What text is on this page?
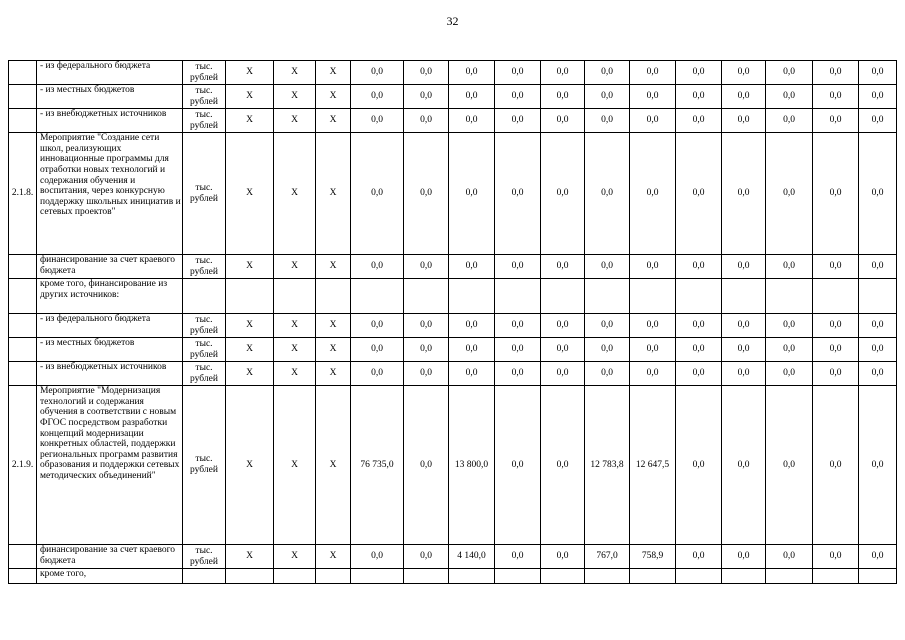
32
	- из федерального бюджета	тыс. рублей	X	X	X	0,0	0,0	0,0	0,0	0,0	0,0	0,0	0,0	0,0	0,0	0,0	0,0
	- из местных бюджетов	тыс. рублей	X	X	X	0,0	0,0	0,0	0,0	0,0	0,0	0,0	0,0	0,0	0,0	0,0	0,0
	- из внебюджетных источников	тыс. рублей	X	X	X	0,0	0,0	0,0	0,0	0,0	0,0	0,0	0,0	0,0	0,0	0,0	0,0
2.1.8.	Мероприятие "Создание сети школ, реализующих инновационные программы для отработки новых технологий и содержания обучения и воспитания, через конкурсную поддержку школьных инициатив и сетевых проектов"	тыс. рублей	X	X	X	0,0	0,0	0,0	0,0	0,0	0,0	0,0	0,0	0,0	0,0	0,0	0,0
	финансирование за счет краевого бюджета	тыс. рублей	X	X	X	0,0	0,0	0,0	0,0	0,0	0,0	0,0	0,0	0,0	0,0	0,0	0,0
	кроме того, финансирование из других источников:																
	- из федерального бюджета	тыс. рублей	X	X	X	0,0	0,0	0,0	0,0	0,0	0,0	0,0	0,0	0,0	0,0	0,0	0,0
	- из местных бюджетов	тыс. рублей	X	X	X	0,0	0,0	0,0	0,0	0,0	0,0	0,0	0,0	0,0	0,0	0,0	0,0
	- из внебюджетных источников	тыс. рублей	X	X	X	0,0	0,0	0,0	0,0	0,0	0,0	0,0	0,0	0,0	0,0	0,0	0,0
2.1.9.	Мероприятие "Модернизация технологий и содержания обучения в соответствии с новым ФГОС посредством разработки концепций модернизации конкретных областей, поддержки региональных программ развития образования и поддержки сетевых методических объединений"	тыс. рублей	X	X	X	76 735,0	0,0	13 800,0	0,0	0,0	12 783,8	12 647,5	0,0	0,0	0,0	0,0	0,0
	финансирование за счет краевого бюджета	тыс. рублей	X	X	X	0,0	0,0	4 140,0	0,0	0,0	767,0	758,9	0,0	0,0	0,0	0,0	0,0
	кроме того,																
